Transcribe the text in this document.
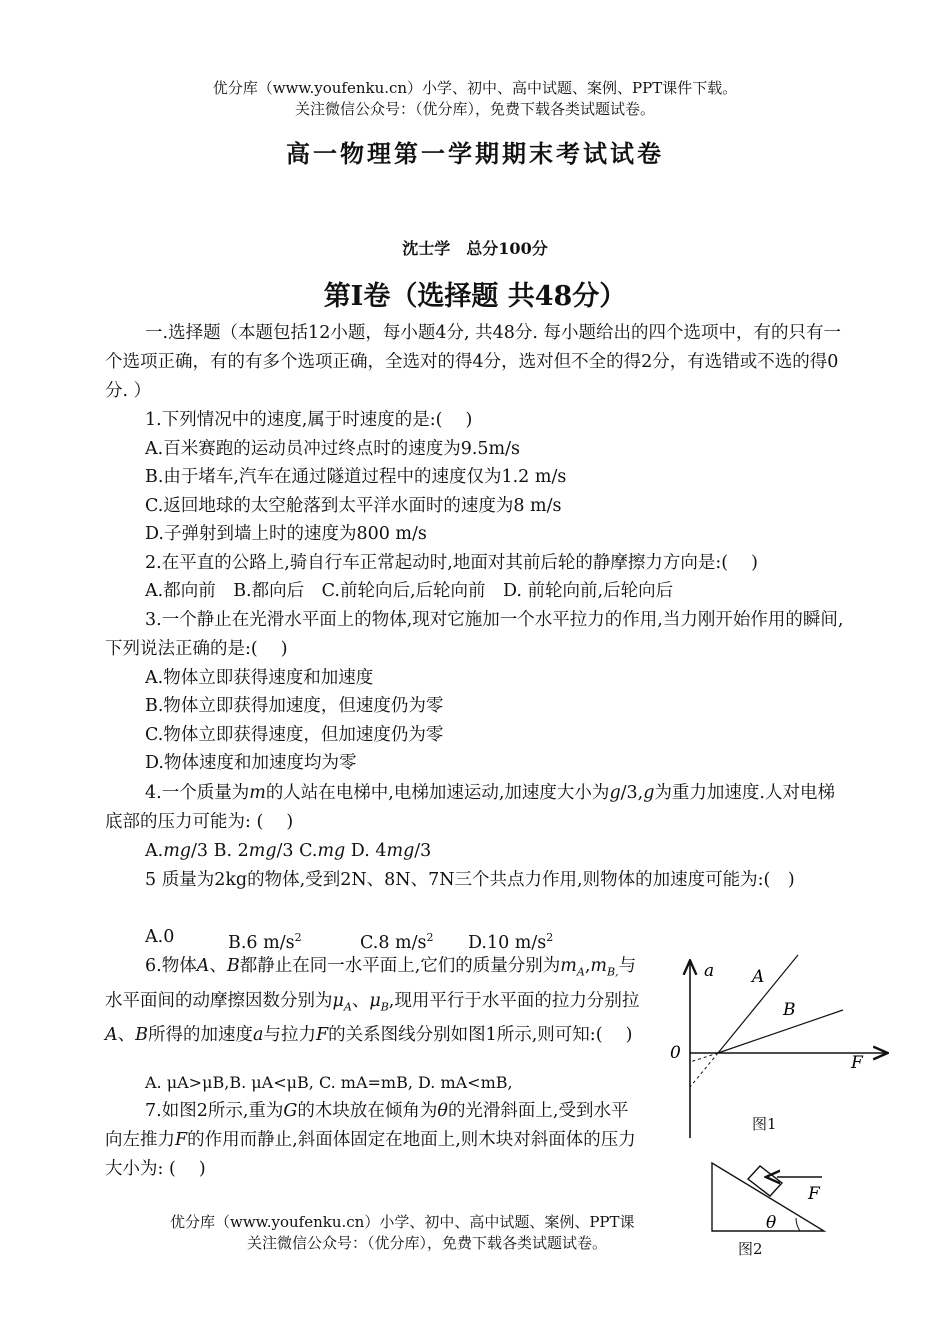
优分库（www.youfenku.cn）小学、初中、高中试题、案例、PPT课件下载。
关注微信公众号：（优分库），免费下载各类试题试卷。
高一物理第一学期期末考试试卷
沈士学　总分100分
第I卷（选择题 共48分）
一.选择题（本题包括12小题，每小题4分, 共48分. 每小题给出的四个选项中，有的只有一个选项正确，有的有多个选项正确，全选对的得4分，选对但不全的得2分，有选错或不选的得0分. ）
1.下列情况中的速度,属于时速度的是:(　 )
A.百米赛跑的运动员冲过终点时的速度为9.5m/s
B.由于堵车,汽车在通过隧道过程中的速度仅为1.2 m/s
C.返回地球的太空舱落到太平洋水面时的速度为8 m/s
D.子弹射到墙上时的速度为800 m/s
2.在平直的公路上,骑自行车正常起动时,地面对其前后轮的静摩擦力方向是:(　 )
A.都向前　B.都向后　C.前轮向后,后轮向前　D. 前轮向前,后轮向后
3.一个静止在光滑水平面上的物体,现对它施加一个水平拉力的作用,当力刚开始作用的瞬间,下列说法正确的是:(　 )
A.物体立即获得速度和加速度
B.物体立即获得加速度，但速度仍为零
C.物体立即获得速度，但加速度仍为零
D.物体速度和加速度均为零
4.一个质量为m的人站在电梯中,电梯加速运动,加速度大小为g/3,g为重力加速度.人对电梯底部的压力可能为: (　 )
A.mg/3 B. 2mg/3 C.mg D. 4mg/3
5 质量为2kg的物体,受到2N、8N、7N三个共点力作用,则物体的加速度可能为:(　)
A.0	B.6 $m/s^2$	C.8 $m/s^2$ D.10 $m/s^2$
6.物体A、B都静止在同一水平面上,它们的质量分别为$m_A,m_{B,}$与水平面间的动摩擦因数分别为$\mu_A$、$\mu_B$,现用平行于水平面的拉力分别拉A、B所得的加速度a与拉力F的关系图线分别如图1所示,则可知:(　 )
A. μA>μB,B. μA<μB, C. mA=mB, D. mA<mB,
7.如图2所示,重为G的木块放在倾角为θ的光滑斜面上,受到水平向左推力F的作用而静止,斜面体固定在地面上,则木块对斜面体的压力大小为: (　 )
a A
B
0	F
图1
F
θ
图2
优分库（www.youfenku.cn）小学、初中、高中试题、案例、PPT课
关注微信公众号：（优分库），免费下载各类试题试卷。
